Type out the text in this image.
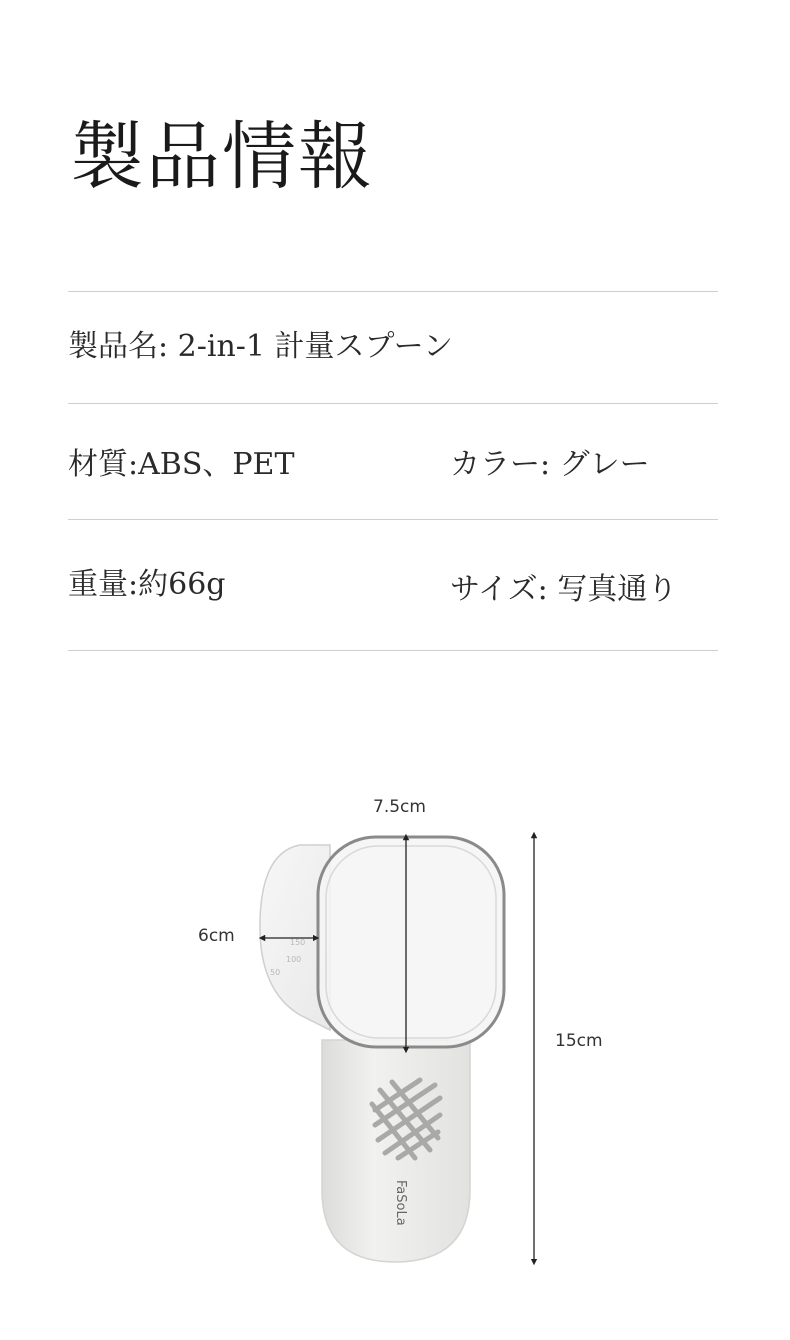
製品情報
製品名: 2-in-1 計量スプーン
材質:ABS、PET	カラー: グレー
重量:約66g	サイズ: 写真通り
FaSoLa
150
100
50
7.5cm
6cm
15cm
